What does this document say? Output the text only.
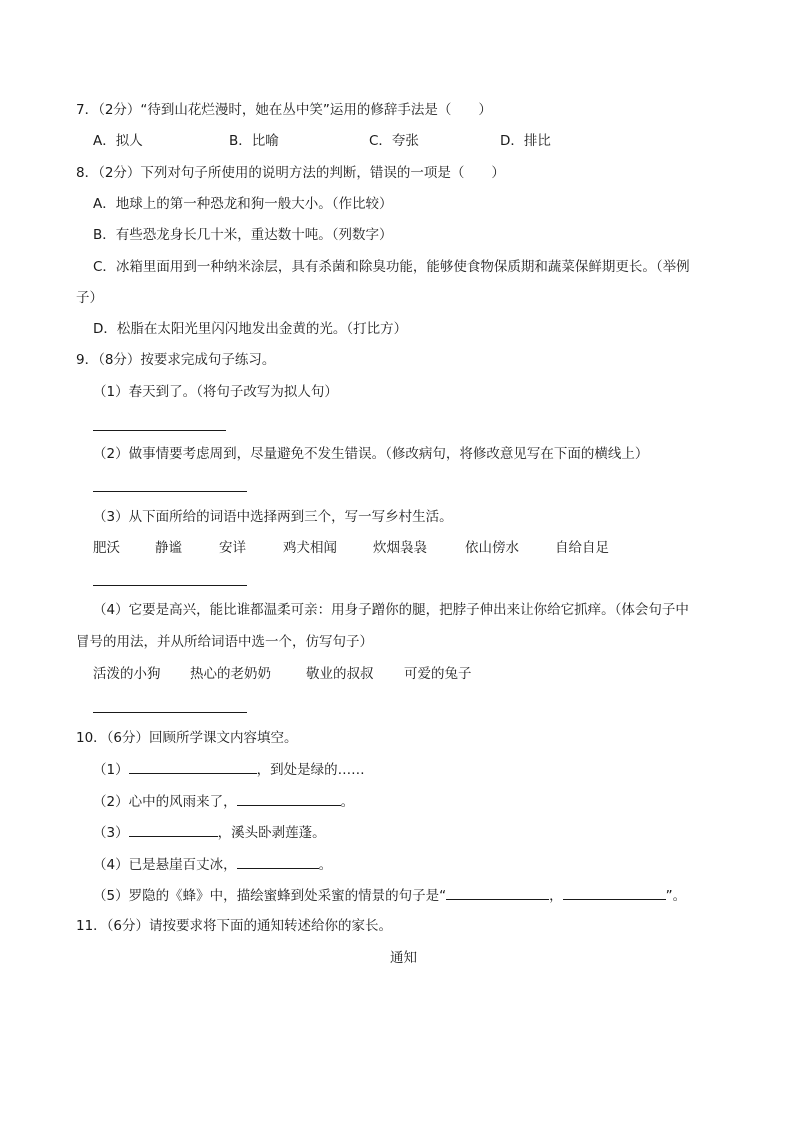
7．（2分）“待到山花烂漫时，她在丛中笑”运用的修辞手法是（　　）
A．拟人	B．比喻	C．夸张	D．排比
8．（2分）下列对句子所使用的说明方法的判断，错误的一项是（　　）
A．地球上的第一种恐龙和狗一般大小。（作比较）
B．有些恐龙身长几十米，重达数十吨。（列数字）
C．冰箱里面用到一种纳米涂层，具有杀菌和除臭功能，能够使食物保质期和蔬菜保鲜期更长。（举例
子）
D．松脂在太阳光里闪闪地发出金黄的光。（打比方）
9．（8分）按要求完成句子练习。
（1）春天到了。（将句子改写为拟人句）
（2）做事情要考虑周到，尽量避免不发生错误。（修改病句，将修改意见写在下面的横线上）
（3）从下面所给的词语中选择两到三个，写一写乡村生活。
肥沃	静谧	安详	鸡犬相闻	炊烟袅袅	依山傍水	自给自足
（4）它要是高兴，能比谁都温柔可亲：用身子蹭你的腿，把脖子伸出来让你给它抓痒。（体会句子中
冒号的用法，并从所给词语中选一个，仿写句子）
活泼的小狗 热心的老奶奶	敬业的叔叔 可爱的兔子
10．（6分）回顾所学课文内容填空。
（1）	，到处是绿的……
（2）心中的风雨来了，	。
（3）	，溪头卧剥莲蓬。
（4）已是悬崖百丈冰，	。
（5）罗隐的《蜂》中，描绘蜜蜂到处采蜜的情景的句子是“	，	”。
11．（6分）请按要求将下面的通知转述给你的家长。
通知
